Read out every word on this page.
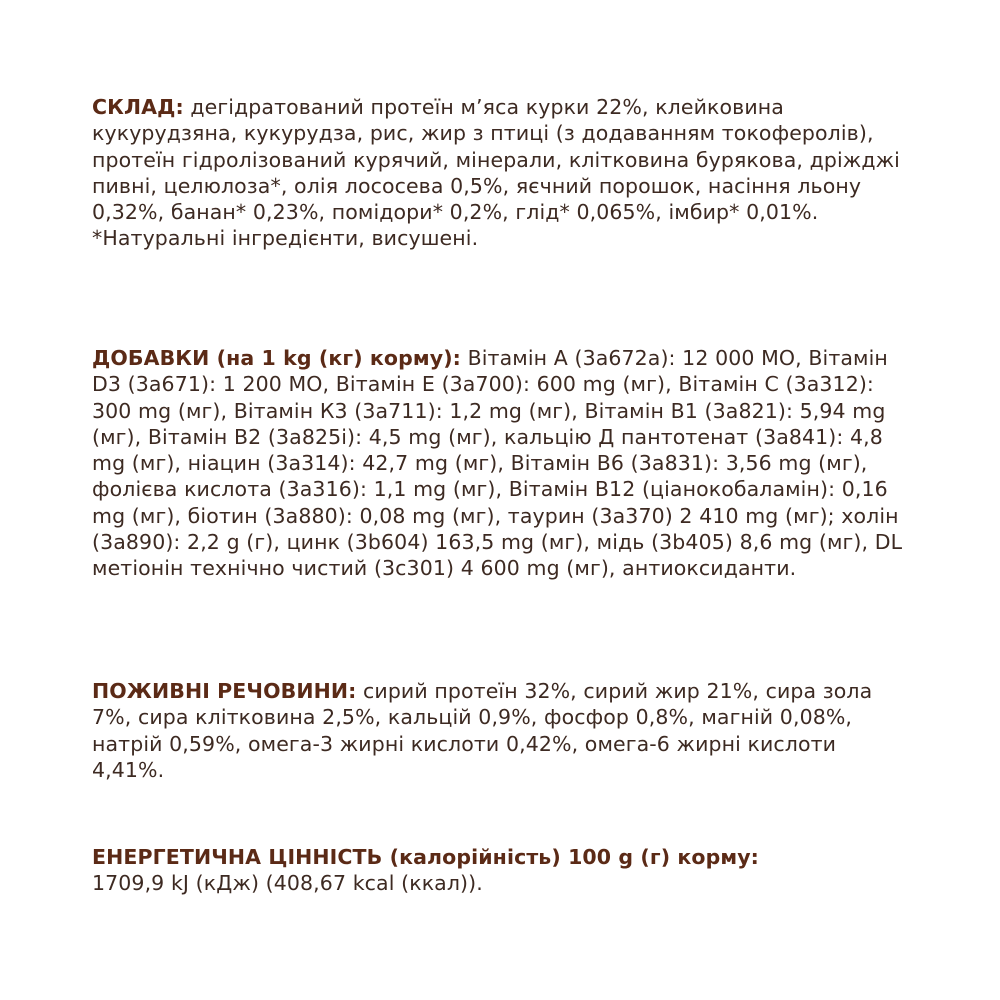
СКЛАД: дегідратований протеїн м’яса курки 22%, клейковина кукурудзяна, кукурудза, рис, жир з птиці (з додаванням токоферолів), протеїн гідролізований курячий, мінерали, клітковина бурякова, дріжджі пивні, целюлоза*, олія лососева 0,5%, яєчний порошок, насіння льону 0,32%, банан* 0,23%, помідори* 0,2%, глід* 0,065%, імбир* 0,01%.
*Натуральні інгредієнти, висушені.

ДОБАВКИ (на 1 kg (кг) корму): Вітамін А (3a672a): 12 000 МО, Вітамін D3 (3a671): 1 200 МО, Вітамін Е (3a700): 600 mg (мг), Вітамін С (3a312): 300 mg (мг), Вітамін К3 (3a711): 1,2 mg (мг), Вітамін В1 (3a821): 5,94 mg (мг), Вітамін В2 (3a825i): 4,5 mg (мг), кальцію Д пантотенат (3a841): 4,8 mg (мг), ніацин (3a314): 42,7 mg (мг), Вітамін В6 (3a831): 3,56 mg (мг), фолієва кислота (3a316): 1,1 mg (мг), Вітамін В12 (ціанокобаламін): 0,16 mg (мг), біотин (3a880): 0,08 mg (мг), таурин (3a370) 2 410 mg (мг); холін (3a890): 2,2 g (г), цинк (3b604) 163,5 mg (мг), мідь (3b405) 8,6 mg (мг), DL метіонін технічно чистий (3c301) 4 600 mg (мг), антиоксиданти.

ПОЖИВНІ РЕЧОВИНИ: сирий протеїн 32%, сирий жир 21%, сира зола 7%, сира клітковина 2,5%, кальцій 0,9%, фосфор 0,8%, магній 0,08%, натрій 0,59%, омега-3 жирні кислоти 0,42%, омега-6 жирні кислоти 4,41%.

ЕНЕРГЕТИЧНА ЦІННІСТЬ (калорійність) 100 g (г) корму:
1709,9 kJ (кДж) (408,67 kcal (ккал)).
